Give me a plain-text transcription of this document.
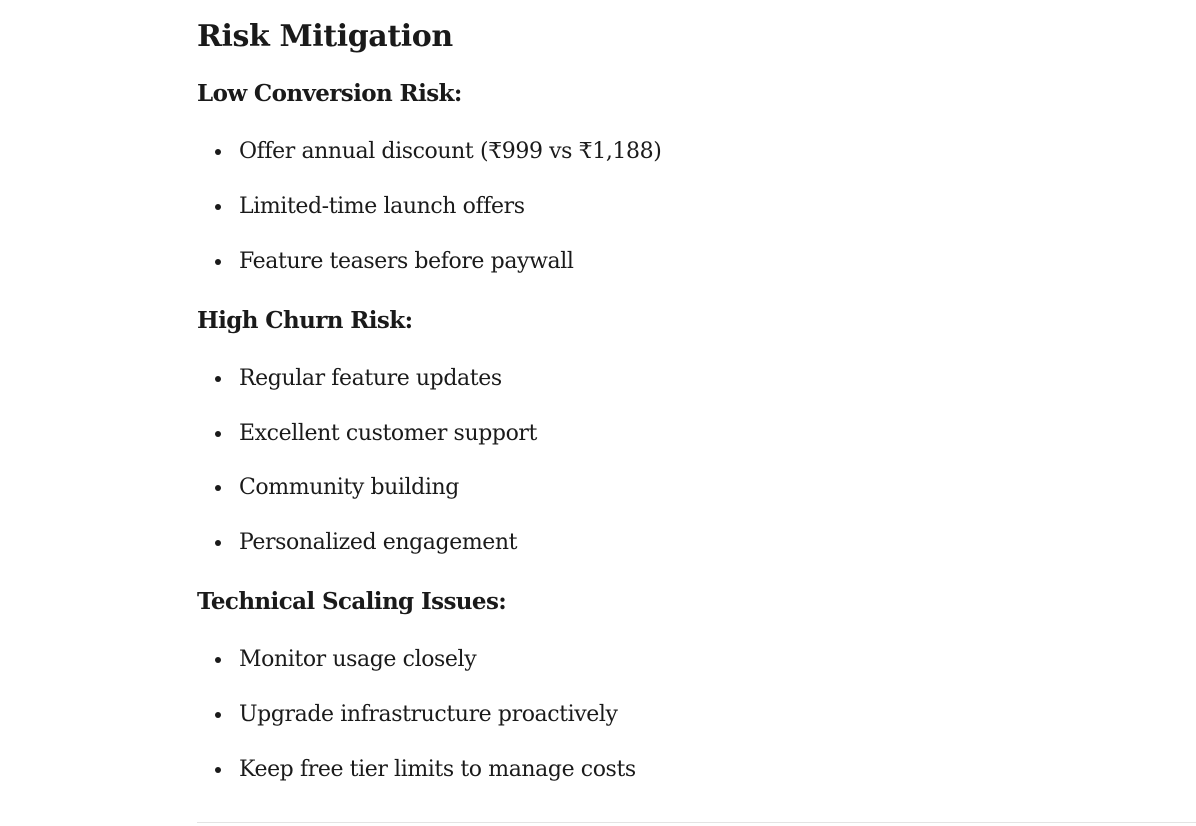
Risk Mitigation
Low Conversion Risk:
Offer annual discount (₹999 vs ₹1,188)
Limited-time launch offers
Feature teasers before paywall
High Churn Risk:
Regular feature updates
Excellent customer support
Community building
Personalized engagement
Technical Scaling Issues:
Monitor usage closely
Upgrade infrastructure proactively
Keep free tier limits to manage costs
